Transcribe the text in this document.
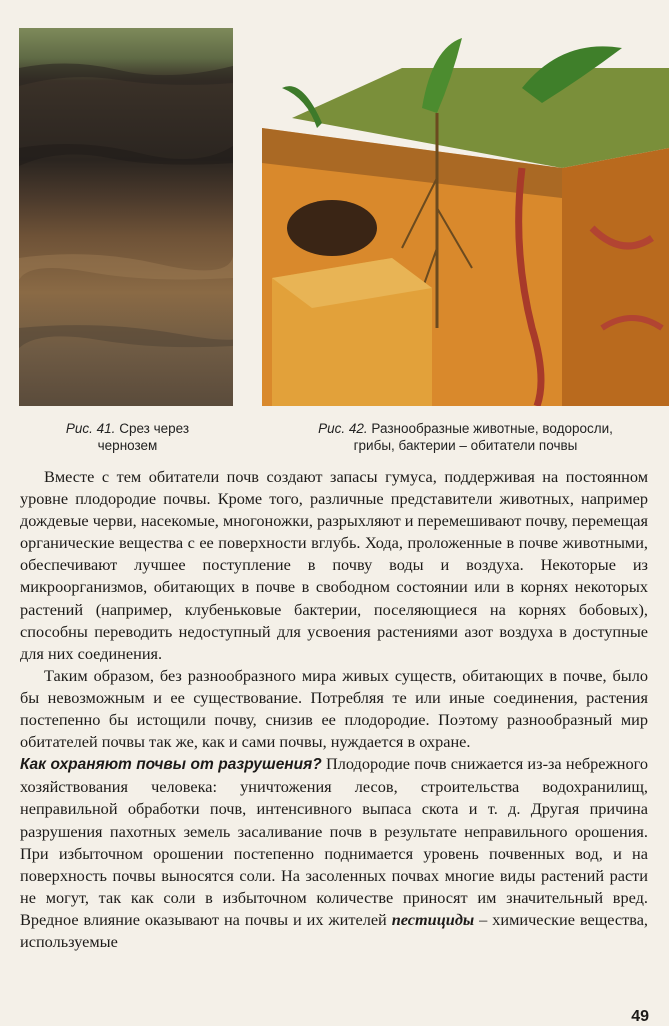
Рис. 41. Срез через
чернозем
Рис. 42. Разнообразные животные, водоросли,
грибы, бактерии – обитатели почвы

Вместе с тем обитатели почв создают запасы гумуса, поддерживая на постоянном уровне плодородие почвы. Кроме того, различные представители животных, например дождевые черви, насекомые, многоножки, разрыхляют и перемешивают почву, перемещая органические вещества с ее поверхности вглубь. Хода, проложенные в почве животными, обеспечивают лучшее поступление в почву воды и воздуха. Некоторые из микроорганизмов, обитающих в почве в свободном состоянии или в корнях некоторых растений (например, клубеньковые бактерии, поселяющиеся на корнях бобовых), способны переводить недоступный для усвоения растениями азот воздуха в доступные для них соединения.

Таким образом, без разнообразного мира живых существ, обитающих в почве, было бы невозможным и ее существование. Потребляя те или иные соединения, растения постепенно бы истощили почву, снизив ее плодородие. Поэтому разнообразный мир обитателей почвы так же, как и сами почвы, нуждается в охране.

Как охраняют почвы от разрушения? Плодородие почв снижается из-за небрежного хозяйствования человека: уничтожения лесов, строительства водохранилищ, неправильной обработки почв, интенсивного выпаса скота и т. д. Другая причина разрушения пахотных земель засаливание почв в результате неправильного орошения. При избыточном орошении постепенно поднимается уровень почвенных вод, и на поверхность почвы выносятся соли. На засоленных почвах многие виды растений расти не могут, так как соли в избыточном количестве приносят им значительный вред. Вредное влияние оказывают на почвы и их жителей пестициды – химические вещества, используемые

49
